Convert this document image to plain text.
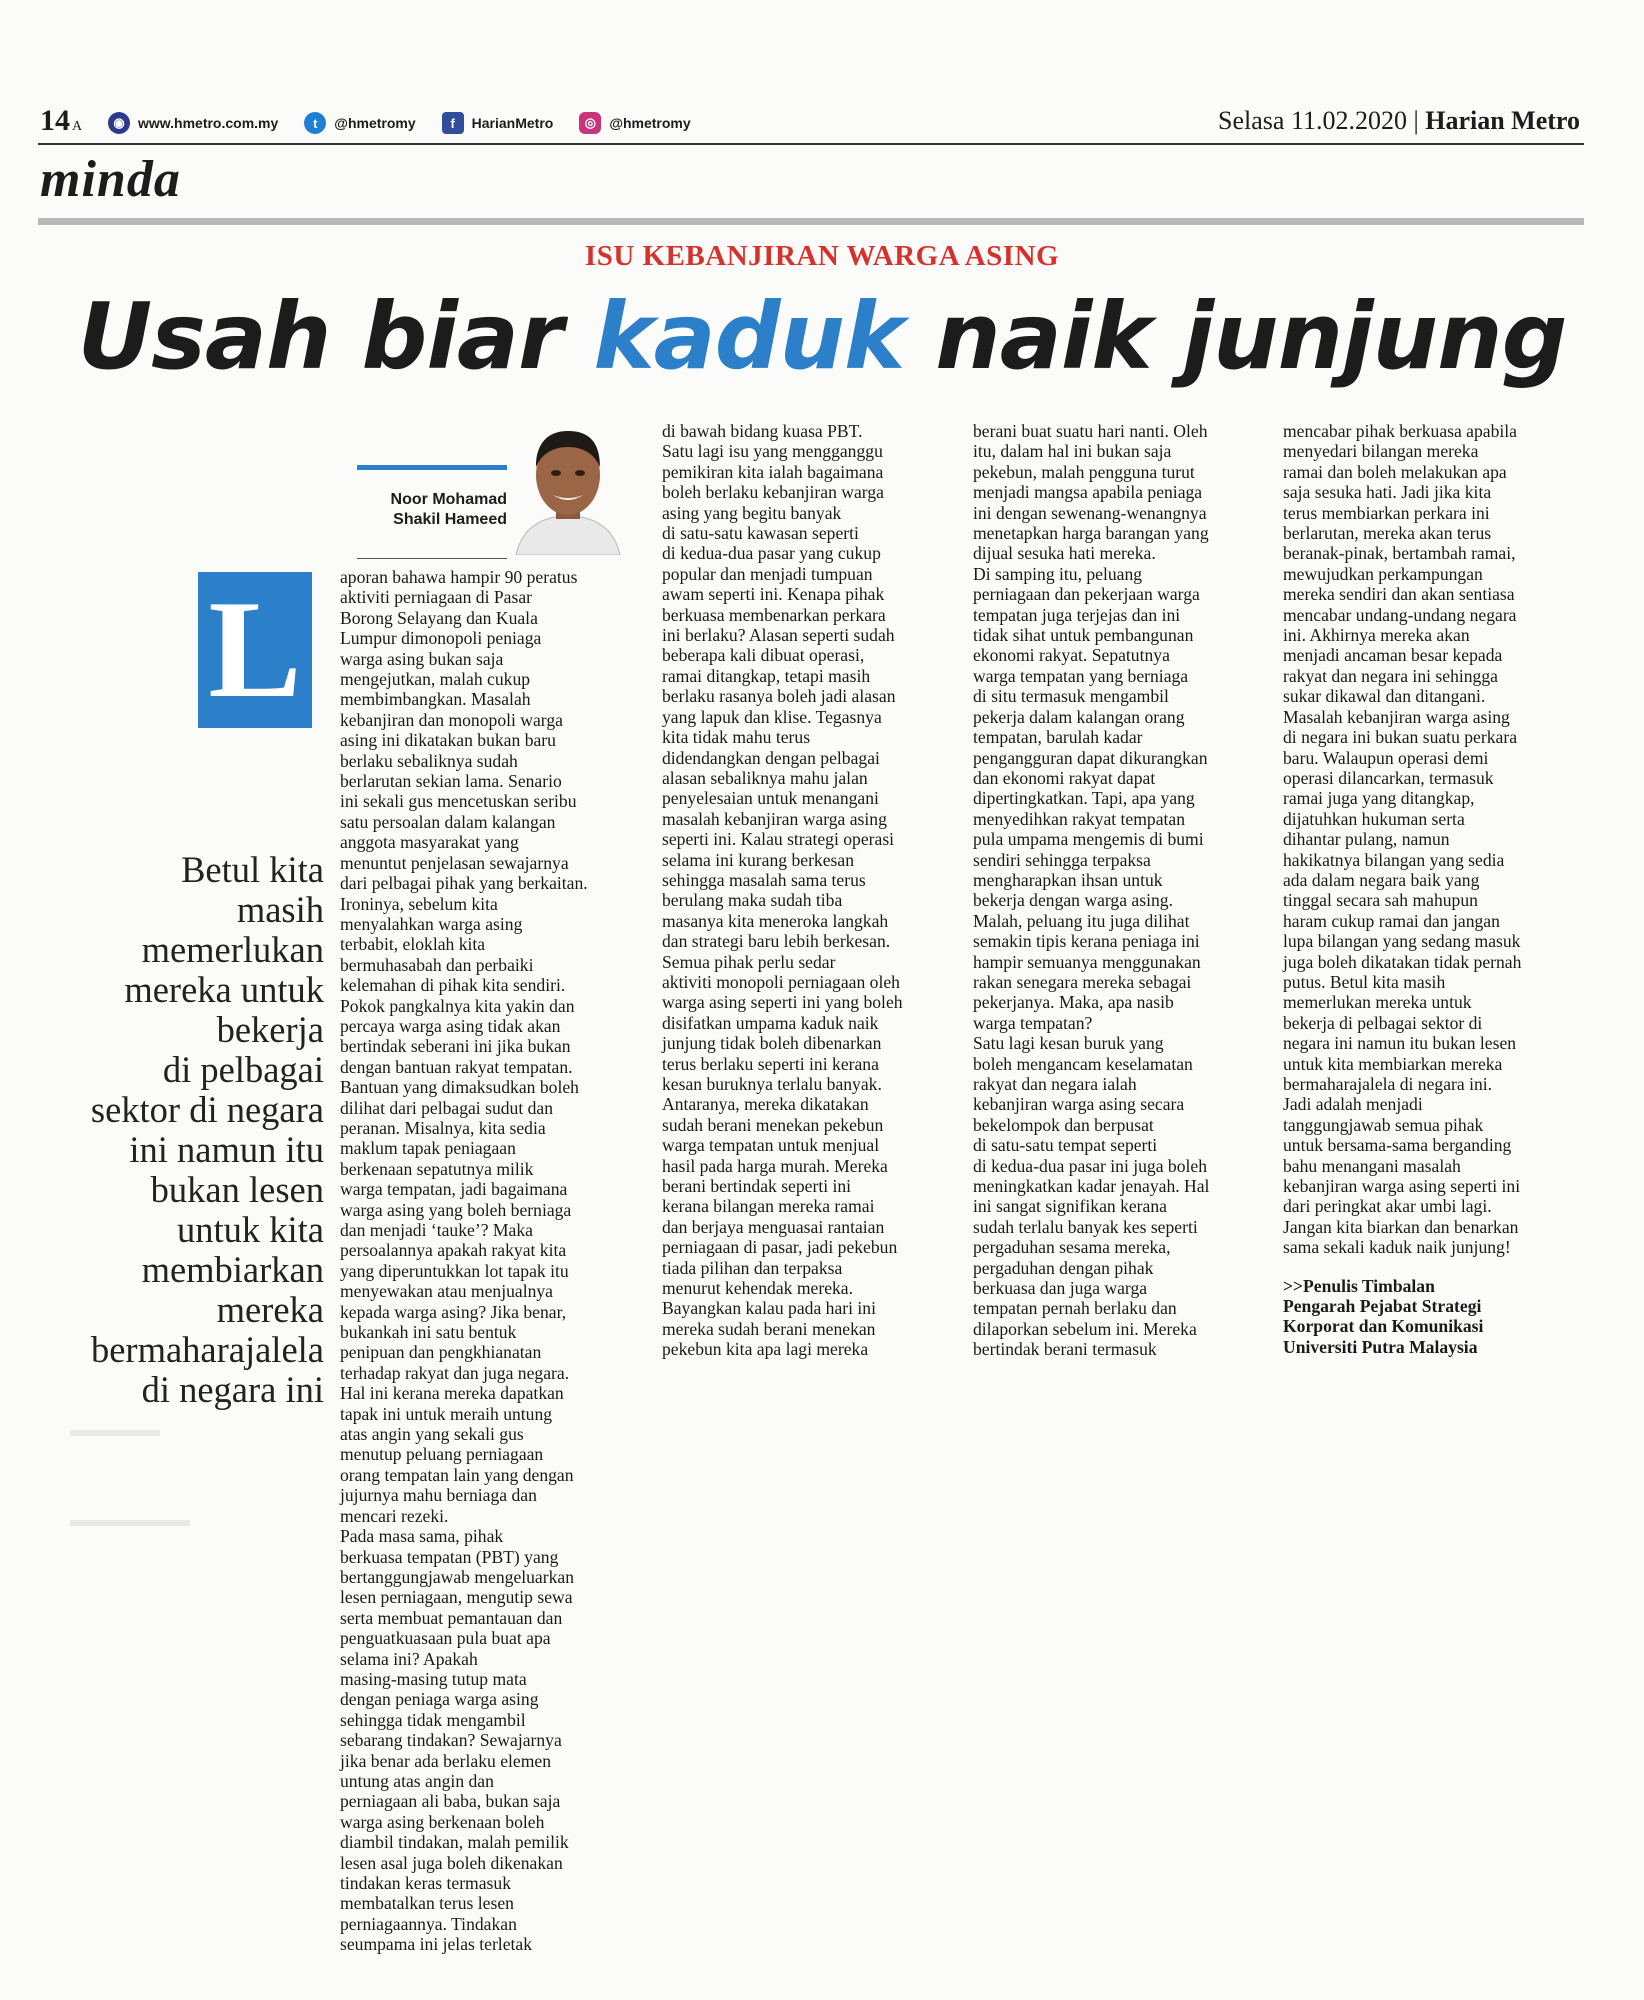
14 A	◉ www.hmetro.com.my	t	@hmetromy	f	HarianMetro	◎ @hmetromy	Selasa 11.02.2020 | Harian Metro
minda
ISU KEBANJIRAN WARGA ASING
Usah biar kaduk naik junjung
Noor Mohamad
Shakil Hameed
L
Betul kita
masih
memerlukan
mereka untuk
bekerja
di pelbagai
sektor di negara
ini namun itu
bukan lesen
untuk kita
membiarkan
mereka
bermaharajalela
di negara ini

aporan bahawa hampir 90 peratus
aktiviti perniagaan di Pasar
Borong Selayang dan Kuala
Lumpur dimonopoli peniaga
warga asing bukan saja
mengejutkan, malah cukup
membimbangkan. Masalah
kebanjiran dan monopoli warga
asing ini dikatakan bukan baru
berlaku sebaliknya sudah
berlarutan sekian lama. Senario
ini sekali gus mencetuskan seribu
satu persoalan dalam kalangan
anggota masyarakat yang
menuntut penjelasan sewajarnya
dari pelbagai pihak yang berkaitan.
Ironinya, sebelum kita
menyalahkan warga asing
terbabit, eloklah kita
bermuhasabah dan perbaiki
kelemahan di pihak kita sendiri.
Pokok pangkalnya kita yakin dan
percaya warga asing tidak akan
bertindak seberani ini jika bukan
dengan bantuan rakyat tempatan.
Bantuan yang dimaksudkan boleh
dilihat dari pelbagai sudut dan
peranan. Misalnya, kita sedia
maklum tapak peniagaan
berkenaan sepatutnya milik
warga tempatan, jadi bagaimana
warga asing yang boleh berniaga
dan menjadi ‘tauke’? Maka
persoalannya apakah rakyat kita
yang diperuntukkan lot tapak itu
menyewakan atau menjualnya
kepada warga asing? Jika benar,
bukankah ini satu bentuk
penipuan dan pengkhianatan
terhadap rakyat dan juga negara.
Hal ini kerana mereka dapatkan
tapak ini untuk meraih untung
atas angin yang sekali gus
menutup peluang perniagaan
orang tempatan lain yang dengan
jujurnya mahu berniaga dan
mencari rezeki.
Pada masa sama, pihak
berkuasa tempatan (PBT) yang
bertanggungjawab mengeluarkan
lesen perniagaan, mengutip sewa
serta membuat pemantauan dan
penguatkuasaan pula buat apa
selama ini? Apakah
masing-masing tutup mata
dengan peniaga warga asing
sehingga tidak mengambil
sebarang tindakan? Sewajarnya
jika benar ada berlaku elemen
untung atas angin dan
perniagaan ali baba, bukan saja
warga asing berkenaan boleh
diambil tindakan, malah pemilik
lesen asal juga boleh dikenakan
tindakan keras termasuk
membatalkan terus lesen
perniagaannya. Tindakan
seumpama ini jelas terletak

di bawah bidang kuasa PBT.
Satu lagi isu yang mengganggu
pemikiran kita ialah bagaimana
boleh berlaku kebanjiran warga
asing yang begitu banyak
di satu-satu kawasan seperti
di kedua-dua pasar yang cukup
popular dan menjadi tumpuan
awam seperti ini. Kenapa pihak
berkuasa membenarkan perkara
ini berlaku? Alasan seperti sudah
beberapa kali dibuat operasi,
ramai ditangkap, tetapi masih
berlaku rasanya boleh jadi alasan
yang lapuk dan klise. Tegasnya
kita tidak mahu terus
didendangkan dengan pelbagai
alasan sebaliknya mahu jalan
penyelesaian untuk menangani
masalah kebanjiran warga asing
seperti ini. Kalau strategi operasi
selama ini kurang berkesan
sehingga masalah sama terus
berulang maka sudah tiba
masanya kita meneroka langkah
dan strategi baru lebih berkesan.
Semua pihak perlu sedar
aktiviti monopoli perniagaan oleh
warga asing seperti ini yang boleh
disifatkan umpama kaduk naik
junjung tidak boleh dibenarkan
terus berlaku seperti ini kerana
kesan buruknya terlalu banyak.
Antaranya, mereka dikatakan
sudah berani menekan pekebun
warga tempatan untuk menjual
hasil pada harga murah. Mereka
berani bertindak seperti ini
kerana bilangan mereka ramai
dan berjaya menguasai rantaian
perniagaan di pasar, jadi pekebun
tiada pilihan dan terpaksa
menurut kehendak mereka.
Bayangkan kalau pada hari ini
mereka sudah berani menekan
pekebun kita apa lagi mereka

berani buat suatu hari nanti. Oleh
itu, dalam hal ini bukan saja
pekebun, malah pengguna turut
menjadi mangsa apabila peniaga
ini dengan sewenang-wenangnya
menetapkan harga barangan yang
dijual sesuka hati mereka.
Di samping itu, peluang
perniagaan dan pekerjaan warga
tempatan juga terjejas dan ini
tidak sihat untuk pembangunan
ekonomi rakyat. Sepatutnya
warga tempatan yang berniaga
di situ termasuk mengambil
pekerja dalam kalangan orang
tempatan, barulah kadar
pengangguran dapat dikurangkan
dan ekonomi rakyat dapat
dipertingkatkan. Tapi, apa yang
menyedihkan rakyat tempatan
pula umpama mengemis di bumi
sendiri sehingga terpaksa
mengharapkan ihsan untuk
bekerja dengan warga asing.
Malah, peluang itu juga dilihat
semakin tipis kerana peniaga ini
hampir semuanya menggunakan
rakan senegara mereka sebagai
pekerjanya. Maka, apa nasib
warga tempatan?
Satu lagi kesan buruk yang
boleh mengancam keselamatan
rakyat dan negara ialah
kebanjiran warga asing secara
bekelompok dan berpusat
di satu-satu tempat seperti
di kedua-dua pasar ini juga boleh
meningkatkan kadar jenayah. Hal
ini sangat signifikan kerana
sudah terlalu banyak kes seperti
pergaduhan sesama mereka,
pergaduhan dengan pihak
berkuasa dan juga warga
tempatan pernah berlaku dan
dilaporkan sebelum ini. Mereka
bertindak berani termasuk

mencabar pihak berkuasa apabila
menyedari bilangan mereka
ramai dan boleh melakukan apa
saja sesuka hati. Jadi jika kita
terus membiarkan perkara ini
berlarutan, mereka akan terus
beranak-pinak, bertambah ramai,
mewujudkan perkampungan
mereka sendiri dan akan sentiasa
mencabar undang-undang negara
ini. Akhirnya mereka akan
menjadi ancaman besar kepada
rakyat dan negara ini sehingga
sukar dikawal dan ditangani.
Masalah kebanjiran warga asing
di negara ini bukan suatu perkara
baru. Walaupun operasi demi
operasi dilancarkan, termasuk
ramai juga yang ditangkap,
dijatuhkan hukuman serta
dihantar pulang, namun
hakikatnya bilangan yang sedia
ada dalam negara baik yang
tinggal secara sah mahupun
haram cukup ramai dan jangan
lupa bilangan yang sedang masuk
juga boleh dikatakan tidak pernah
putus. Betul kita masih
memerlukan mereka untuk
bekerja di pelbagai sektor di
negara ini namun itu bukan lesen
untuk kita membiarkan mereka
bermaharajalela di negara ini.
Jadi adalah menjadi
tanggungjawab semua pihak
untuk bersama-sama berganding
bahu menangani masalah
kebanjiran warga asing seperti ini
dari peringkat akar umbi lagi.
Jangan kita biarkan dan benarkan
sama sekali kaduk naik junjung!

>>Penulis Timbalan
Pengarah Pejabat Strategi
Korporat dan Komunikasi
Universiti Putra Malaysia
